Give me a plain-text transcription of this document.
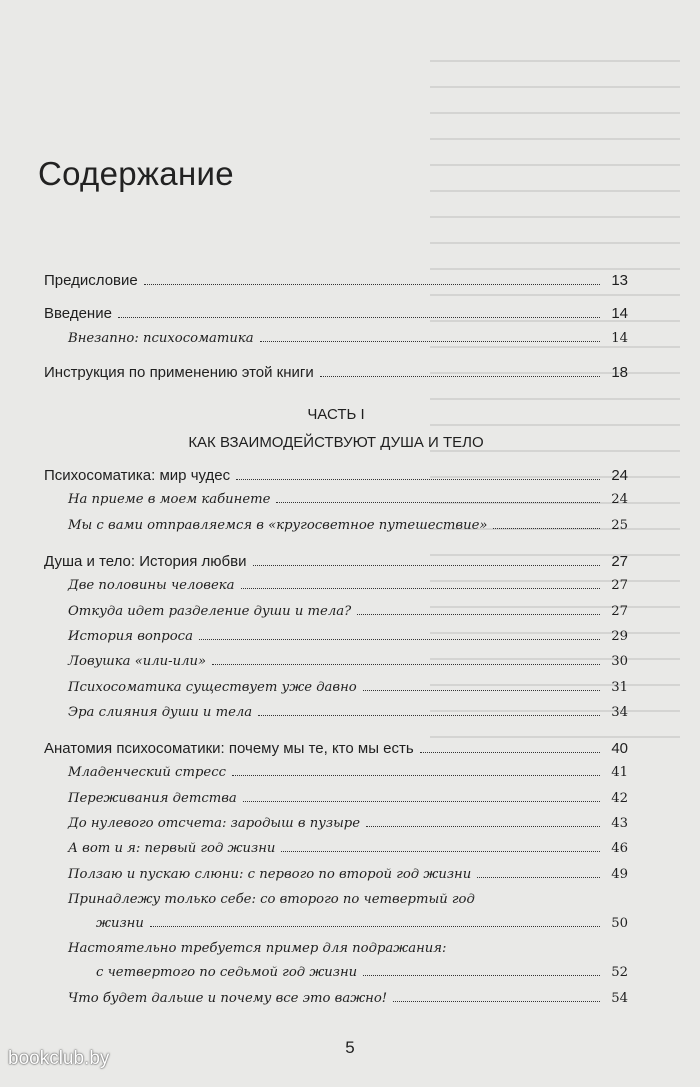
Содержание
Предисловие	13
Введение	14
Внезапно: психосоматика	14
Инструкция по применению этой книги	18
ЧАСТЬ I
КАК ВЗАИМОДЕЙСТВУЮТ ДУША И ТЕЛО
Психосоматика: мир чудес	24
На приеме в моем кабинете	24
Мы с вами отправляемся в «кругосветное путешествие»	25
Душа и тело: История любви	27
Две половины человека	27
Откуда идет разделение души и тела?	27
История вопроса	29
Ловушка «или-или»	30
Психосоматика существует уже давно	31
Эра слияния души и тела	34
Анатомия психосоматики: почему мы те, кто мы есть	40
Младенческий стресс	41
Переживания детства	42
До нулевого отсчета: зародыш в пузыре	43
А вот и я: первый год жизни	46
Ползаю и пускаю слюни: с первого по второй год жизни	49
Принадлежу только себе: со второго по четвертый год
жизни	50
Настоятельно требуется пример для подражания:
с четвертого по седьмой год жизни	52
Что будет дальше и почему все это важно!	54
5
bookclub.by
